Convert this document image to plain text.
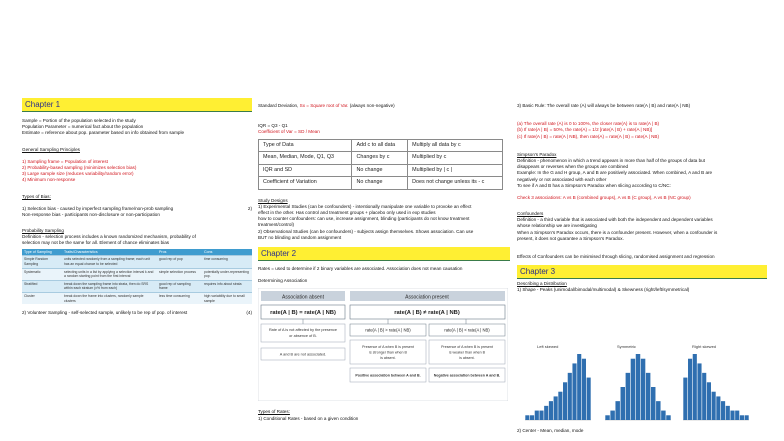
Chapter 1
Sample = Portion of the population selected in the study
Population Parameter = numerical fact about the population
Estimate = reference about pop. parameter based on info obtained from sample
General Sampling Principles
1) Sampling frame = Population of interest
2) Probability-based sampling (minimizes selection bias)
3) Large sample size (reduces variability/random error)
4) Minimum non-response
Types of Bias:
1) Selection bias - caused by imperfect sampling frame/non-prob sampling	2)
Non-response bias - participants non-disclosure or non-participation
Probability Sampling
Definition - selection process includes a known randomized mechanism, probability of
selection may not be the same for all. Element of chance eliminates bias
Type of Sampling	Traits/Characteristics	Pros	Cons
Simple Random Sampling	units selected randomly from a sampling frame; each unit has an equal chance to be selected	good rep of pop	time consuming
Systematic	selecting units in a list by applying a selection interval k and a random starting point from the first interval	simple selection process	potentially under-representing pop.
Stratified	break down the sampling frame into strata, then do SRS within each stratum (x% from each)	good rep of sampling frame	requires info about strata
Cluster	break down the frame into clusters, randomly sample clusters	less time consuming	high variability due to small sample
2) Volunteer Sampling - self-selected sample, unlikely to be rep of pop. of interest	(4)
Standard Deviation, Sx = Square root of Var. (always non-negative)
IQR = Q3 - Q1
Coefficient of Var = SD / Mean
Type of Data	Add c to all data	Multiply all data by c
Mean, Median, Mode, Q1, Q3	Changes by c	Multiplied by c
IQR and SD	No change	Multiplied by | c |
Coefficient of Variation	No change	Does not change unless its - c
Study Designs
1) Experimental Studies (can be confounders) - intentionally manipulate one variable to provoke an effect
effect in the other. Has control and treatment groups + placebo only used in exp studies
how to counter confounders: can use, increase assignment, blinding (participants do not know treatment
treatment/control)
2) Observational Studies (can be confounders) - subjects assign themselves. Shows association. Can use
BUT no blinding and random assignment
Chapter 2
Rates = used to determine if 2 binary variables are associated. Association does not mean causation
Determining Association
Association absent	Association present
rate(A | B) = rate(A | NB)	rate(A | B) ≠ rate(A | NB)
Rate of A is not affected by the presence
or absence of B.
A and B are not associated.
rate(A | B) > rate(A | NB)	rate(A | B) < rate(A | NB)
Presence of A when B is present
is stronger than when B
is absent.
Presence of A when B is present
is weaker than when B
is absent.
Positive association between A and B.	Negative association between A and B.
Types of Rates:
1) Conditional Rates - based on a given condition
3) Basic Rule: The overall rate (A) will always be between rate(A | B) and rate(A | NB)
(a) The overall rate (A) is 0 to 100%, the closer rate(A) is to rate(A | B)
(b) If rate(A | B) = 50%, the rate(A) = 1/2 [rate(A | B) + rate(A | NB)]
(c) If rate(A | B) = rate(A | NB), then rate(A) = rate(A | B) = rate(A | NB)
Simpson's Paradox
Definition - phenomenon in which a trend appears in more than half of the groups of data but
disappears or reverses when the groups are combined
Example: In the G and H group, A and B are positively associated. When combined, A and B are
negatively or not associated with each other
To see if A and B has a Simpson's Paradox when slicing according to C/NC:
Check 3 associations: A vs B (combined groups), A vs B (C group), A vs B (NC group)
Confounders
Definition - a third variable that is associated with both the independent and dependent variables
whose relationship we are investigating
When a Simpson's Paradox occurs, there is a confounder present. However, when a confounder is
present, it does not guarantee a Simpson's Paradox.
Effects of Confounders can be minimised through slicing, randomised assignment and regression
Chapter 3
Describing a Distribution
1) Shape - Peaks (unimodal/bimodal/multimodal) & Skewness (right/left/symmetrical)
Left skewed	Symmetric	Right skewed
2) Center - Mean, median, mode
